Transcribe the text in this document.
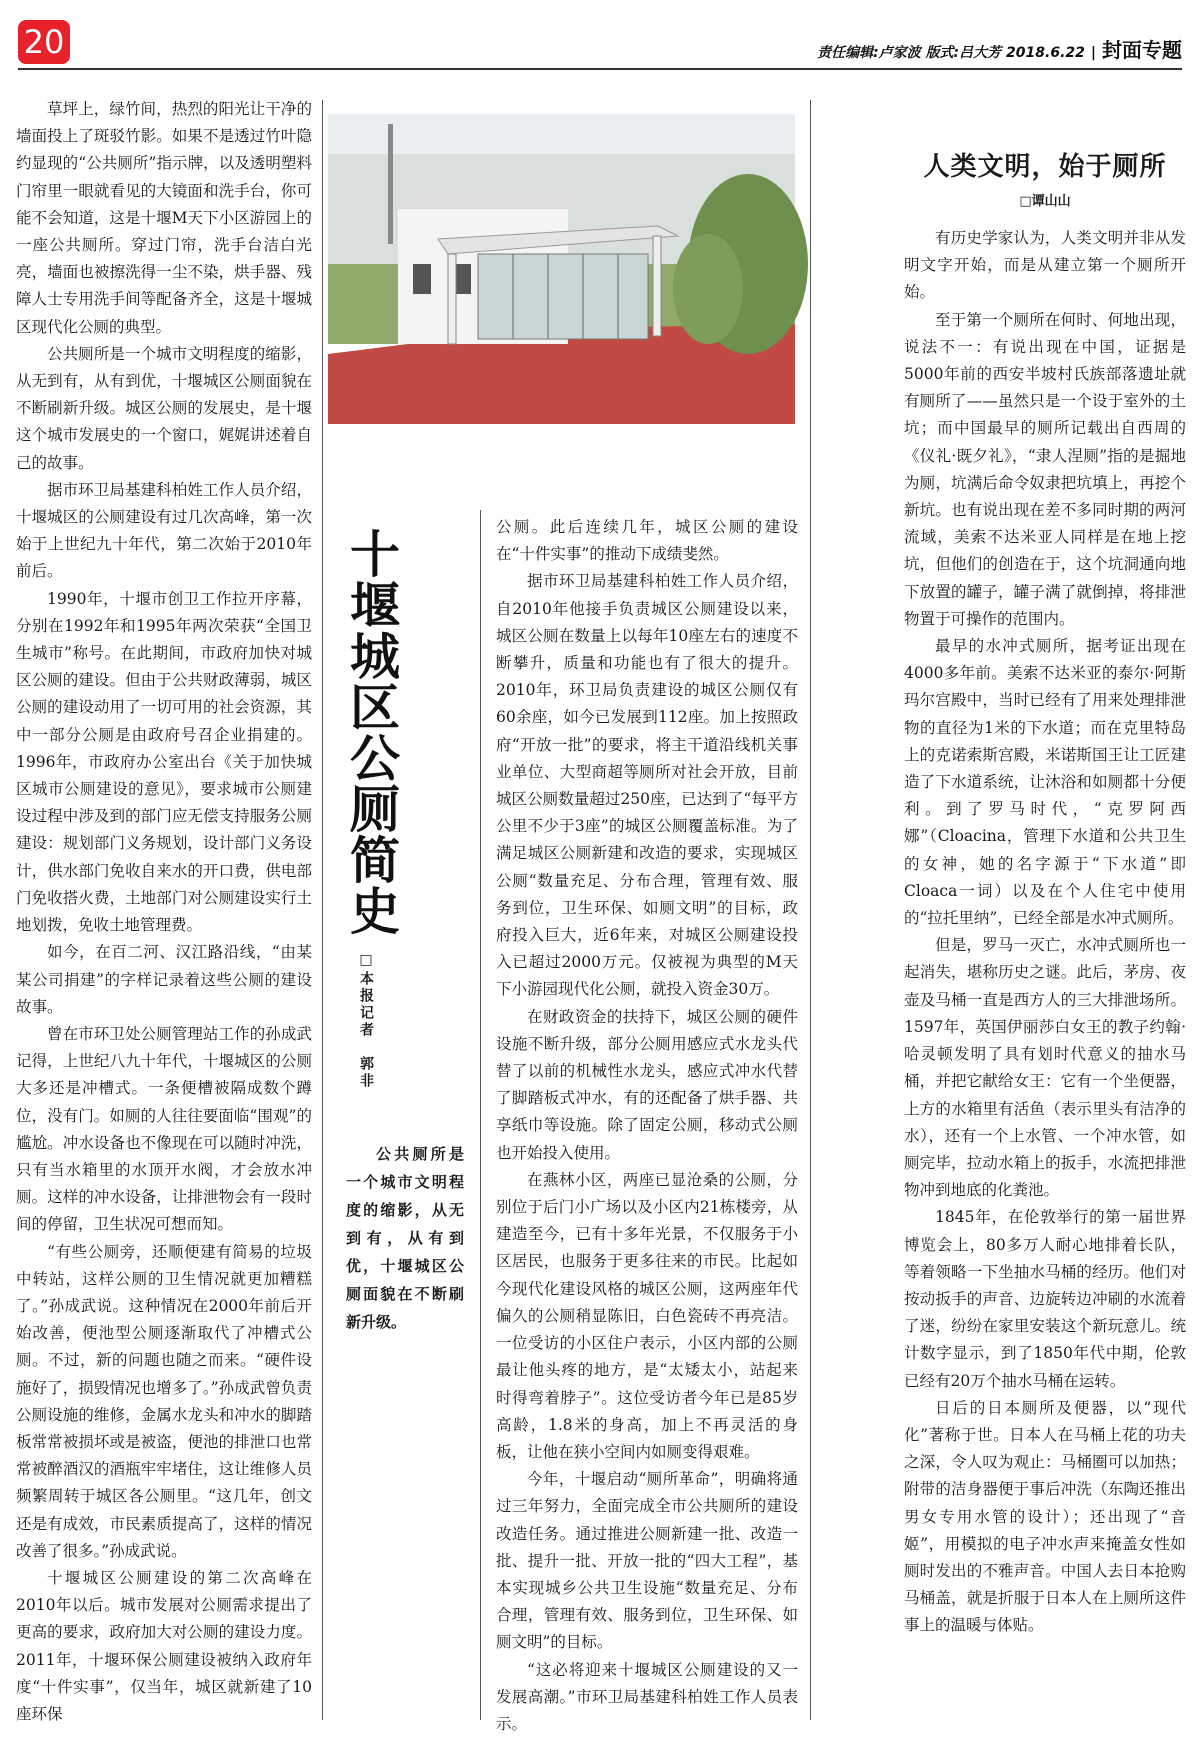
20	责任编辑:卢家波 版式:吕大芳 2018.6.22 | 封面专题

草坪上，绿竹间，热烈的阳光让干净的墙面投上了斑驳竹影。如果不是透过竹叶隐约显现的“公共厕所”指示牌，以及透明塑料门帘里一眼就看见的大镜面和洗手台，你可能不会知道，这是十堰M天下小区游园上的一座公共厕所。穿过门帘，洗手台洁白光亮，墙面也被擦洗得一尘不染，烘手器、残障人士专用洗手间等配备齐全，这是十堰城区现代化公厕的典型。

公共厕所是一个城市文明程度的缩影，从无到有，从有到优，十堰城区公厕面貌在不断刷新升级。城区公厕的发展史，是十堰这个城市发展史的一个窗口，娓娓讲述着自己的故事。

据市环卫局基建科柏姓工作人员介绍，十堰城区的公厕建设有过几次高峰，第一次始于上世纪九十年代，第二次始于2010年前后。

1990年，十堰市创卫工作拉开序幕，分别在1992年和1995年两次荣获“全国卫生城市”称号。在此期间，市政府加快对城区公厕的建设。但由于公共财政薄弱，城区公厕的建设动用了一切可用的社会资源，其中一部分公厕是由政府号召企业捐建的。1996年，市政府办公室出台《关于加快城区城市公厕建设的意见》，要求城市公厕建设过程中涉及到的部门应无偿支持服务公厕建设：规划部门义务规划，设计部门义务设计，供水部门免收自来水的开口费，供电部门免收搭火费，土地部门对公厕建设实行土地划拨，免收土地管理费。

如今，在百二河、汉江路沿线，“由某某公司捐建”的字样记录着这些公厕的建设故事。

曾在市环卫处公厕管理站工作的孙成武记得，上世纪八九十年代，十堰城区的公厕大多还是冲槽式。一条便槽被隔成数个蹲位，没有门。如厕的人往往要面临“围观”的尴尬。冲水设备也不像现在可以随时冲洗，只有当水箱里的水顶开水阀，才会放水冲厕。这样的冲水设备，让排泄物会有一段时间的停留，卫生状况可想而知。

“有些公厕旁，还顺便建有简易的垃圾中转站，这样公厕的卫生情况就更加糟糕了。”孙成武说。这种情况在2000年前后开始改善，便池型公厕逐渐取代了冲槽式公厕。不过，新的问题也随之而来。“硬件设施好了，损毁情况也增多了。”孙成武曾负责公厕设施的维修，金属水龙头和冲水的脚踏板常常被损坏或是被盗，便池的排泄口也常常被醉酒汉的酒瓶牢牢堵住，这让维修人员频繁周转于城区各公厕里。“这几年，创文还是有成效，市民素质提高了，这样的情况改善了很多。”孙成武说。

十堰城区公厕建设的第二次高峰在2010年以后。城市发展对公厕需求提出了更高的要求，政府加大对公厕的建设力度。2011年，十堰环保公厕建设被纳入政府年度“十件实事”，仅当年，城区就新建了10座环保

十堰城区公厕简史
□本报记者　郭非

公共厕所是一个城市文明程度的缩影，从无到有，从有到优，十堰城区公厕面貌在不断刷新升级。

公厕。此后连续几年，城区公厕的建设在“十件实事”的推动下成绩斐然。

据市环卫局基建科柏姓工作人员介绍，自2010年他接手负责城区公厕建设以来，城区公厕在数量上以每年10座左右的速度不断攀升，质量和功能也有了很大的提升。2010年，环卫局负责建设的城区公厕仅有60余座，如今已发展到112座。加上按照政府“开放一批”的要求，将主干道沿线机关事业单位、大型商超等厕所对社会开放，目前城区公厕数量超过250座，已达到了“每平方公里不少于3座”的城区公厕覆盖标准。为了满足城区公厕新建和改造的要求，实现城区公厕“数量充足、分布合理，管理有效、服务到位，卫生环保、如厕文明”的目标，政府投入巨大，近6年来，对城区公厕建设投入已超过2000万元。仅被视为典型的M天下小游园现代化公厕，就投入资金30万。

在财政资金的扶持下，城区公厕的硬件设施不断升级，部分公厕用感应式水龙头代替了以前的机械性水龙头，感应式冲水代替了脚踏板式冲水，有的还配备了烘手器、共享纸巾等设施。除了固定公厕，移动式公厕也开始投入使用。

在燕林小区，两座已显沧桑的公厕，分别位于后门小广场以及小区内21栋楼旁，从建造至今，已有十多年光景，不仅服务于小区居民，也服务于更多往来的市民。比起如今现代化建设风格的城区公厕，这两座年代偏久的公厕稍显陈旧，白色瓷砖不再亮洁。一位受访的小区住户表示，小区内部的公厕最让他头疼的地方，是“太矮太小，站起来时得弯着脖子”。这位受访者今年已是85岁高龄，1.8米的身高，加上不再灵活的身板，让他在狭小空间内如厕变得艰难。

今年，十堰启动“厕所革命”，明确将通过三年努力，全面完成全市公共厕所的建设改造任务。通过推进公厕新建一批、改造一批、提升一批、开放一批的“四大工程”，基本实现城乡公共卫生设施“数量充足、分布合理，管理有效、服务到位，卫生环保、如厕文明”的目标。

“这必将迎来十堰城区公厕建设的又一发展高潮。”市环卫局基建科柏姓工作人员表示。

人类文明，始于厕所
□谭山山

有历史学家认为，人类文明并非从发明文字开始，而是从建立第一个厕所开始。

至于第一个厕所在何时、何地出现，说法不一：有说出现在中国，证据是5000年前的西安半坡村氏族部落遗址就有厕所了——虽然只是一个设于室外的土坑；而中国最早的厕所记载出自西周的《仪礼·既夕礼》，“隶人涅厕”指的是掘地为厕，坑满后命令奴隶把坑填上，再挖个新坑。也有说出现在差不多同时期的两河流域，美索不达米亚人同样是在地上挖坑，但他们的创造在于，这个坑洞通向地下放置的罐子，罐子满了就倒掉，将排泄物置于可操作的范围内。

最早的水冲式厕所，据考证出现在4000多年前。美索不达米亚的泰尔·阿斯玛尔宫殿中，当时已经有了用来处理排泄物的直径为1米的下水道；而在克里特岛上的克诺索斯宫殿，米诺斯国王让工匠建造了下水道系统，让沐浴和如厕都十分便利。到了罗马时代，“克罗阿西娜”（Cloacina，管理下水道和公共卫生的女神，她的名字源于“下水道”即Cloaca一词）以及在个人住宅中使用的“拉托里纳”，已经全部是水冲式厕所。

但是，罗马一灭亡，水冲式厕所也一起消失，堪称历史之谜。此后，茅房、夜壶及马桶一直是西方人的三大排泄场所。1597年，英国伊丽莎白女王的教子约翰·哈灵顿发明了具有划时代意义的抽水马桶，并把它献给女王：它有一个坐便器，上方的水箱里有活鱼（表示里头有洁净的水），还有一个上水管、一个冲水管，如厕完毕，拉动水箱上的扳手，水流把排泄物冲到地底的化粪池。

1845年，在伦敦举行的第一届世界博览会上，80多万人耐心地排着长队，等着领略一下坐抽水马桶的经历。他们对按动扳手的声音、边旋转边冲刷的水流着了迷，纷纷在家里安装这个新玩意儿。统计数字显示，到了1850年代中期，伦敦已经有20万个抽水马桶在运转。

日后的日本厕所及便器，以“现代化”著称于世。日本人在马桶上花的功夫之深，令人叹为观止：马桶圈可以加热；附带的洁身器便于事后冲洗（东陶还推出男女专用水管的设计）；还出现了“音姬”，用模拟的电子冲水声来掩盖女性如厕时发出的不雅声音。中国人去日本抢购马桶盖，就是折服于日本人在上厕所这件事上的温暖与体贴。
